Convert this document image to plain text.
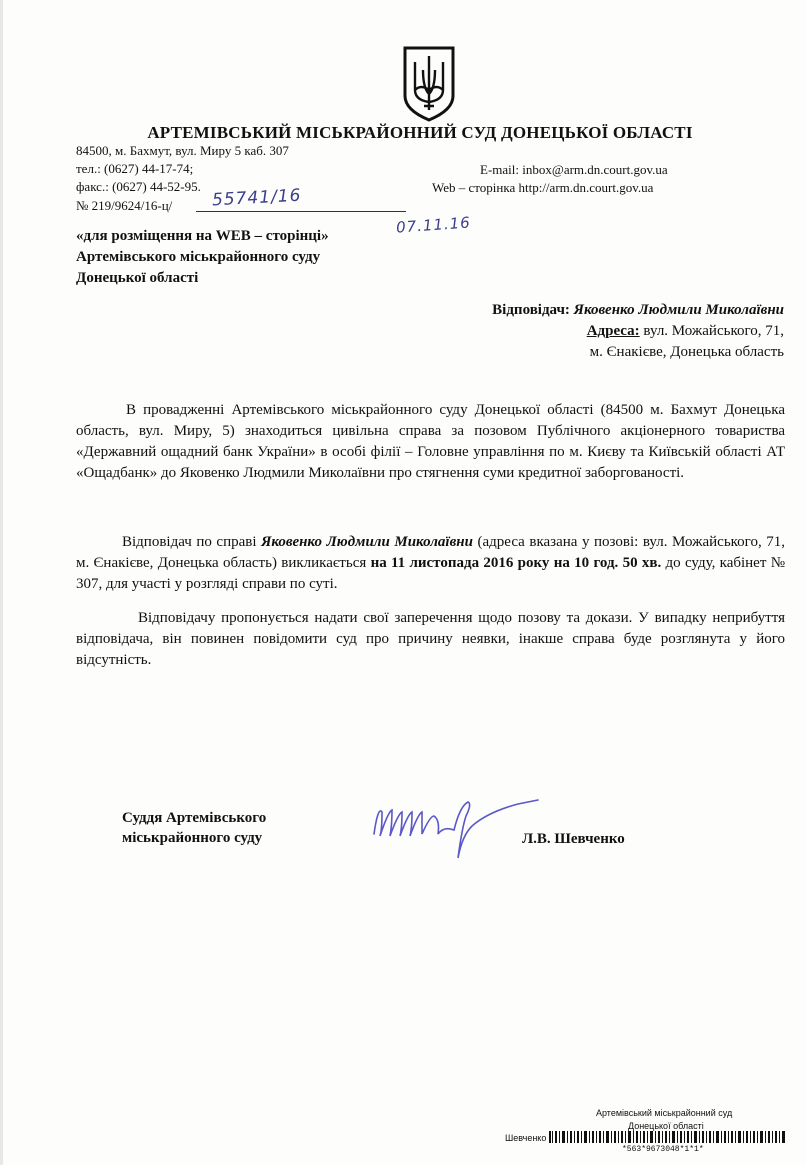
АРТЕМІВСЬКИЙ МІСЬКРАЙОННИЙ СУД ДОНЕЦЬКОЇ ОБЛАСТІ
84500, м. Бахмут, вул. Миру 5 каб. 307
тел.: (0627) 44-17-74;
факс.: (0627) 44-52-95.
E-mail: inbox@arm.dn.court.gov.ua
Web – сторінка http://arm.dn.court.gov.ua
№ 219/9624/16-ц/ 55741/16
07.11.16
«для розміщення на WEB – сторінці»
Артемівського міськрайонного суду
Донецької області
Відповідач: Яковенко Людмили Миколаївни
Адреса: вул. Можайського, 71,
м. Єнакієве, Донецька область
В провадженні Артемівського міськрайонного суду Донецької області (84500 м. Бахмут Донецька область, вул. Миру, 5) знаходиться цивільна справа за позовом Публічного акціонерного товариства «Державний ощадний банк України» в особі філії – Головне управління по м. Києву та Київській області АТ «Ощадбанк» до Яковенко Людмили Миколаївни про стягнення суми кредитної заборгованості.
Відповідач по справі Яковенко Людмили Миколаївни (адреса вказана у позові: вул. Можайського, 71, м. Єнакієве, Донецька область) викликається на 11 листопада 2016 року на 10 год. 50 хв. до суду, кабінет № 307, для участі у розгляді справи по суті.
Відповідачу пропонується надати свої заперечення щодо позову та докази. У випадку неприбуття відповідача, він повинен повідомити суд про причину неявки, інакше справа буде розглянута у його відсутність.
Суддя Артемівського
міськрайонного суду	Л.В. Шевченко
Артемівський міськрайонний суд
Донецької області
Шевченко
*563*9673048*1*1*
